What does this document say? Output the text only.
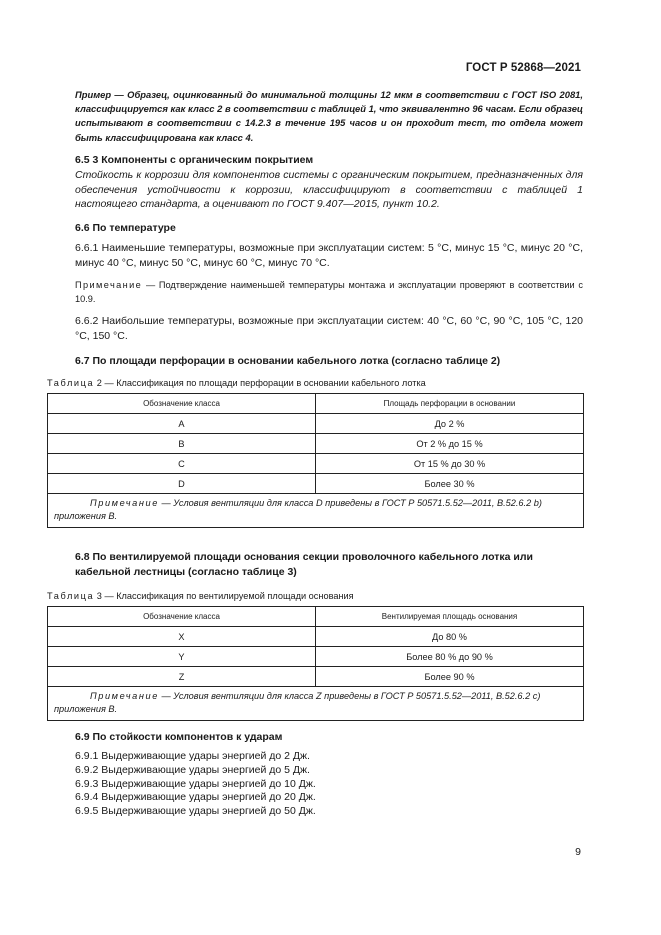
ГОСТ Р 52868—2021

Пример — Образец, оцинкованный до минимальной толщины 12 мкм в соответствии с ГОСТ ISO 2081, классифицируется как класс 2 в соответствии с таблицей 1, что эквивалентно 96 часам. Если образец испытывают в соответствии с 14.2.3 в течение 195 часов и он проходит тест, то отдела может быть классифицирована как класс 4.

6.5 3 Компоненты с органическим покрытием

Стойкость к коррозии для компонентов системы с органическим покрытием, предназначенных для обеспечения устойчивости к коррозии, классифицируют в соответствии с таблицей 1 настоящего стандарта, а оценивают по ГОСТ 9.407—2015, пункт 10.2.

6.6 По температуре

6.6.1 Наименьшие температуры, возможные при эксплуатации систем: 5 °С, минус 15 °С, минус 20 °С, минус 40 °С, минус 50 °С, минус 60 °С, минус 70 °С.

Примечание — Подтверждение наименьшей температуры монтажа и эксплуатации проверяют в соответствии с 10.9.

6.6.2 Наибольшие температуры, возможные при эксплуатации систем: 40 °С, 60 °С, 90 °С, 105 °С, 120 °С, 150 °С.

6.7 По площади перфорации в основании кабельного лотка (согласно таблице 2)

Таблица 2 — Классификация по площади перфорации в основании кабельного лотка

Обозначение класса	Площадь перфорации в основании
A	До 2 %
B	От 2 % до 15 %
C	От 15 % до 30 %
D	Более 30 %
Примечание — Условия вентиляции для класса D приведены в ГОСТ Р 50571.5.52—2011, В.52.6.2 b) приложения В.	

6.8 По вентилируемой площади основания секции проволочного кабельного лотка или кабельной лестницы (согласно таблице 3)

Таблица 3 — Классификация по вентилируемой площади основания

Обозначение класса	Вентилируемая площадь основания
X	До 80 %
Y	Более 80 % до 90 %
Z	Более 90 %
Примечание — Условия вентиляции для класса Z приведены в ГОСТ Р 50571.5.52—2011, В.52.6.2 с) приложения В.	

6.9 По стойкости компонентов к ударам

6.9.1 Выдерживающие удары энергией до 2 Дж.

6.9.2 Выдерживающие удары энергией до 5 Дж.

6.9.3 Выдерживающие удары энергией до 10 Дж.

6.9.4 Выдерживающие удары энергией до 20 Дж.

6.9.5 Выдерживающие удары энергией до 50 Дж.

9
